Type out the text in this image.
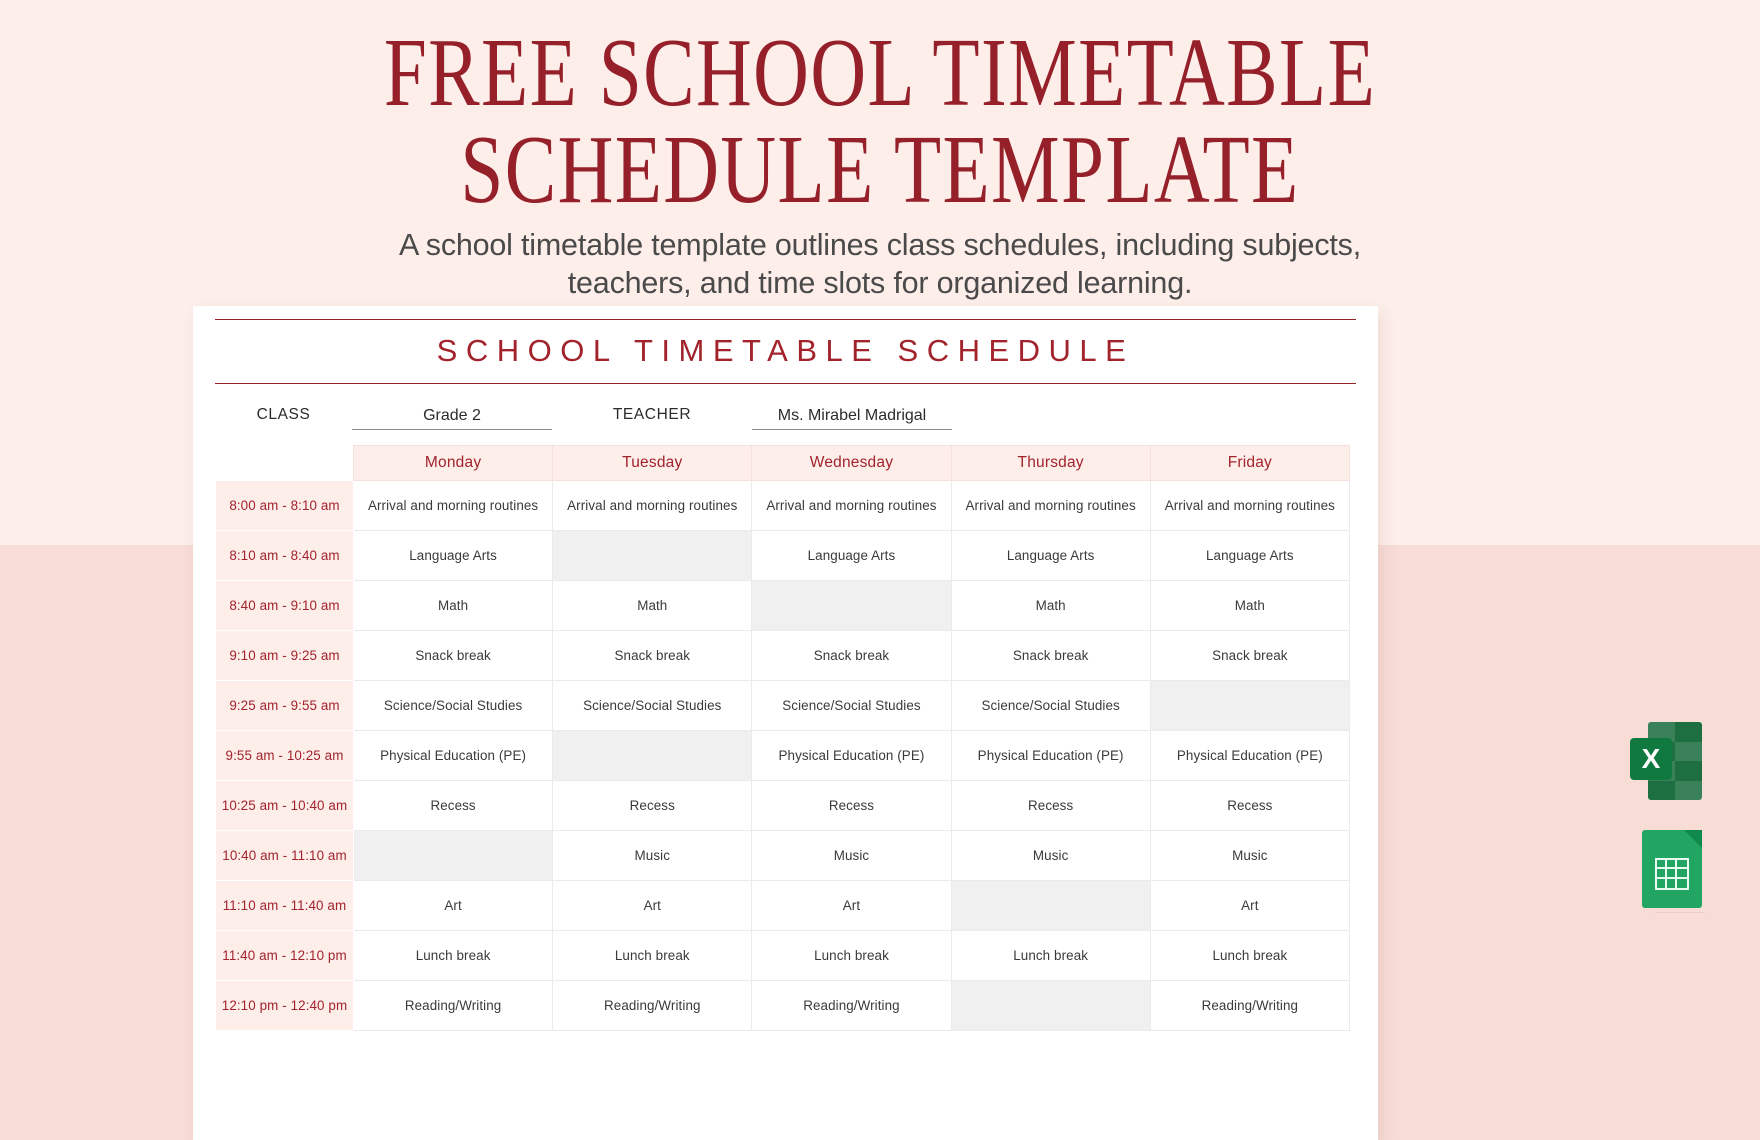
FREE SCHOOL TIMETABLE
SCHEDULE TEMPLATE
A school timetable template outlines class schedules, including subjects, teachers, and time slots for organized learning.
SCHOOL TIMETABLE SCHEDULE
CLASS	Grade 2	TEACHER	Ms. Mirabel Madrigal
	Monday	Tuesday	Wednesday	Thursday	Friday
8:00 am - 8:10 am	Arrival and morning routines	Arrival and morning routines	Arrival and morning routines	Arrival and morning routines	Arrival and morning routines
8:10 am - 8:40 am	Language Arts		Language Arts	Language Arts	Language Arts
8:40 am - 9:10 am	Math	Math		Math	Math
9:10 am - 9:25 am	Snack break	Snack break	Snack break	Snack break	Snack break
9:25 am - 9:55 am	Science/Social Studies	Science/Social Studies	Science/Social Studies	Science/Social Studies	
9:55 am - 10:25 am	Physical Education (PE)		Physical Education (PE)	Physical Education (PE)	Physical Education (PE)
10:25 am - 10:40 am	Recess	Recess	Recess	Recess	Recess
10:40 am - 11:10 am		Music	Music	Music	Music
11:10 am - 11:40 am	Art	Art	Art		Art
11:40 am - 12:10 pm	Lunch break	Lunch break	Lunch break	Lunch break	Lunch break
12:10 pm - 12:40 pm	Reading/Writing	Reading/Writing	Reading/Writing		Reading/Writing
X
